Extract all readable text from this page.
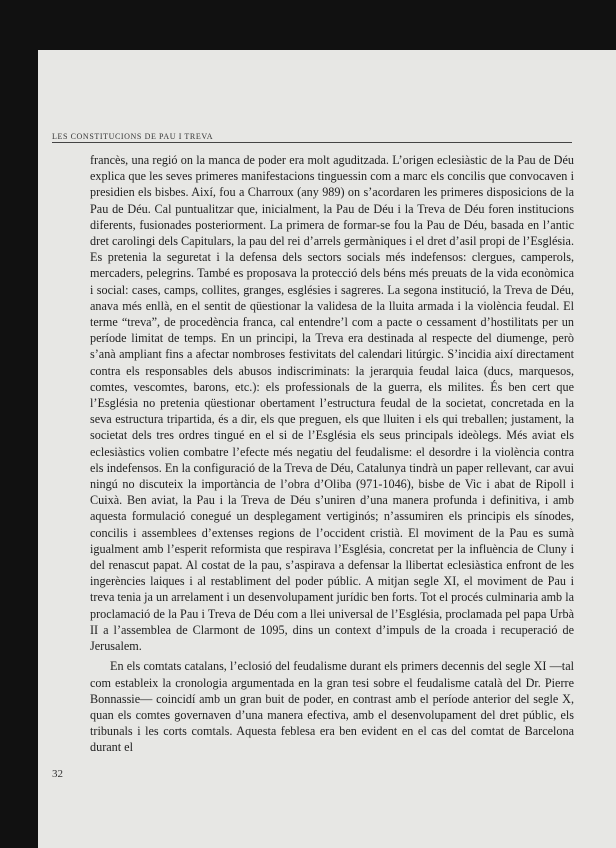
LES CONSTITUCIONS DE PAU I TREVA

francès, una regió on la manca de poder era molt aguditzada. L’origen eclesiàstic de la Pau de Déu explica que les seves primeres manifestacions tinguessin com a marc els concilis que convocaven i presidien els bisbes. Així, fou a Charroux (any 989) on s’acordaren les primeres disposicions de la Pau de Déu. Cal puntualitzar que, inicialment, la Pau de Déu i la Treva de Déu foren institucions diferents, fusionades posteriorment. La primera de formar-se fou la Pau de Déu, basada en l’antic dret carolingi dels Capitulars, la pau del rei d’arrels germàniques i el dret d’asil propi de l’Església. Es pretenia la seguretat i la defensa dels sectors socials més indefensos: clergues, camperols, mercaders, pelegrins. També es proposava la protecció dels béns més preuats de la vida econòmica i social: cases, camps, collites, granges, esglésies i sagreres. La segona institució, la Treva de Déu, anava més enllà, en el sentit de qüestionar la validesa de la lluita armada i la violència feudal. El terme “treva”, de procedència franca, cal entendre’l com a pacte o cessament d’hostilitats per un període limitat de temps. En un principi, la Treva era destinada al respecte del diumenge, però s’anà ampliant fins a afectar nombroses festivitats del calendari litúrgic. S’incidia així directament contra els responsables dels abusos indiscriminats: la jerarquia feudal laica (ducs, marquesos, comtes, vescomtes, barons, etc.): els professionals de la guerra, els milites. És ben cert que l’Església no pretenia qüestionar obertament l’estructura feudal de la societat, concretada en la seva estructura tripartida, és a dir, els que preguen, els que lluiten i els qui treballen; justament, la societat dels tres ordres tingué en el si de l’Església els seus principals ideòlegs. Més aviat els eclesiàstics volien combatre l’efecte més negatiu del feudalisme: el desordre i la violència contra els indefensos. En la configuració de la Treva de Déu, Catalunya tindrà un paper rellevant, car avui ningú no discuteix la importància de l’obra d’Oliba (971-1046), bisbe de Vic i abat de Ripoll i Cuixà. Ben aviat, la Pau i la Treva de Déu s’uniren d’una manera profunda i definitiva, i amb aquesta formulació conegué un desplegament vertiginós; n’assumiren els principis els sínodes, concilis i assemblees d’extenses regions de l’occident cristià. El moviment de la Pau es sumà igualment amb l’esperit reformista que respirava l’Església, concretat per la influència de Cluny i del renascut papat. Al costat de la pau, s’aspirava a defensar la llibertat eclesiàstica enfront de les ingerències laiques i al restabliment del poder públic. A mitjan segle XI, el moviment de Pau i treva tenia ja un arrelament i un desenvolupament jurídic ben forts. Tot el procés culminaria amb la proclamació de la Pau i Treva de Déu com a llei universal de l’Església, proclamada pel papa Urbà II a l’assemblea de Clarmont de 1095, dins un context d’impuls de la croada i recuperació de Jerusalem.

En els comtats catalans, l’eclosió del feudalisme durant els primers decennis del segle XI —tal com estableix la cronologia argumentada en la gran tesi sobre el feudalisme català del Dr. Pierre Bonnassie— coincidí amb un gran buit de poder, en contrast amb el període anterior del segle X, quan els comtes governaven d’una manera efectiva, amb el desenvolupament del dret públic, els tribunals i les corts comtals. Aquesta feblesa era ben evident en el cas del comtat de Barcelona durant el

32
